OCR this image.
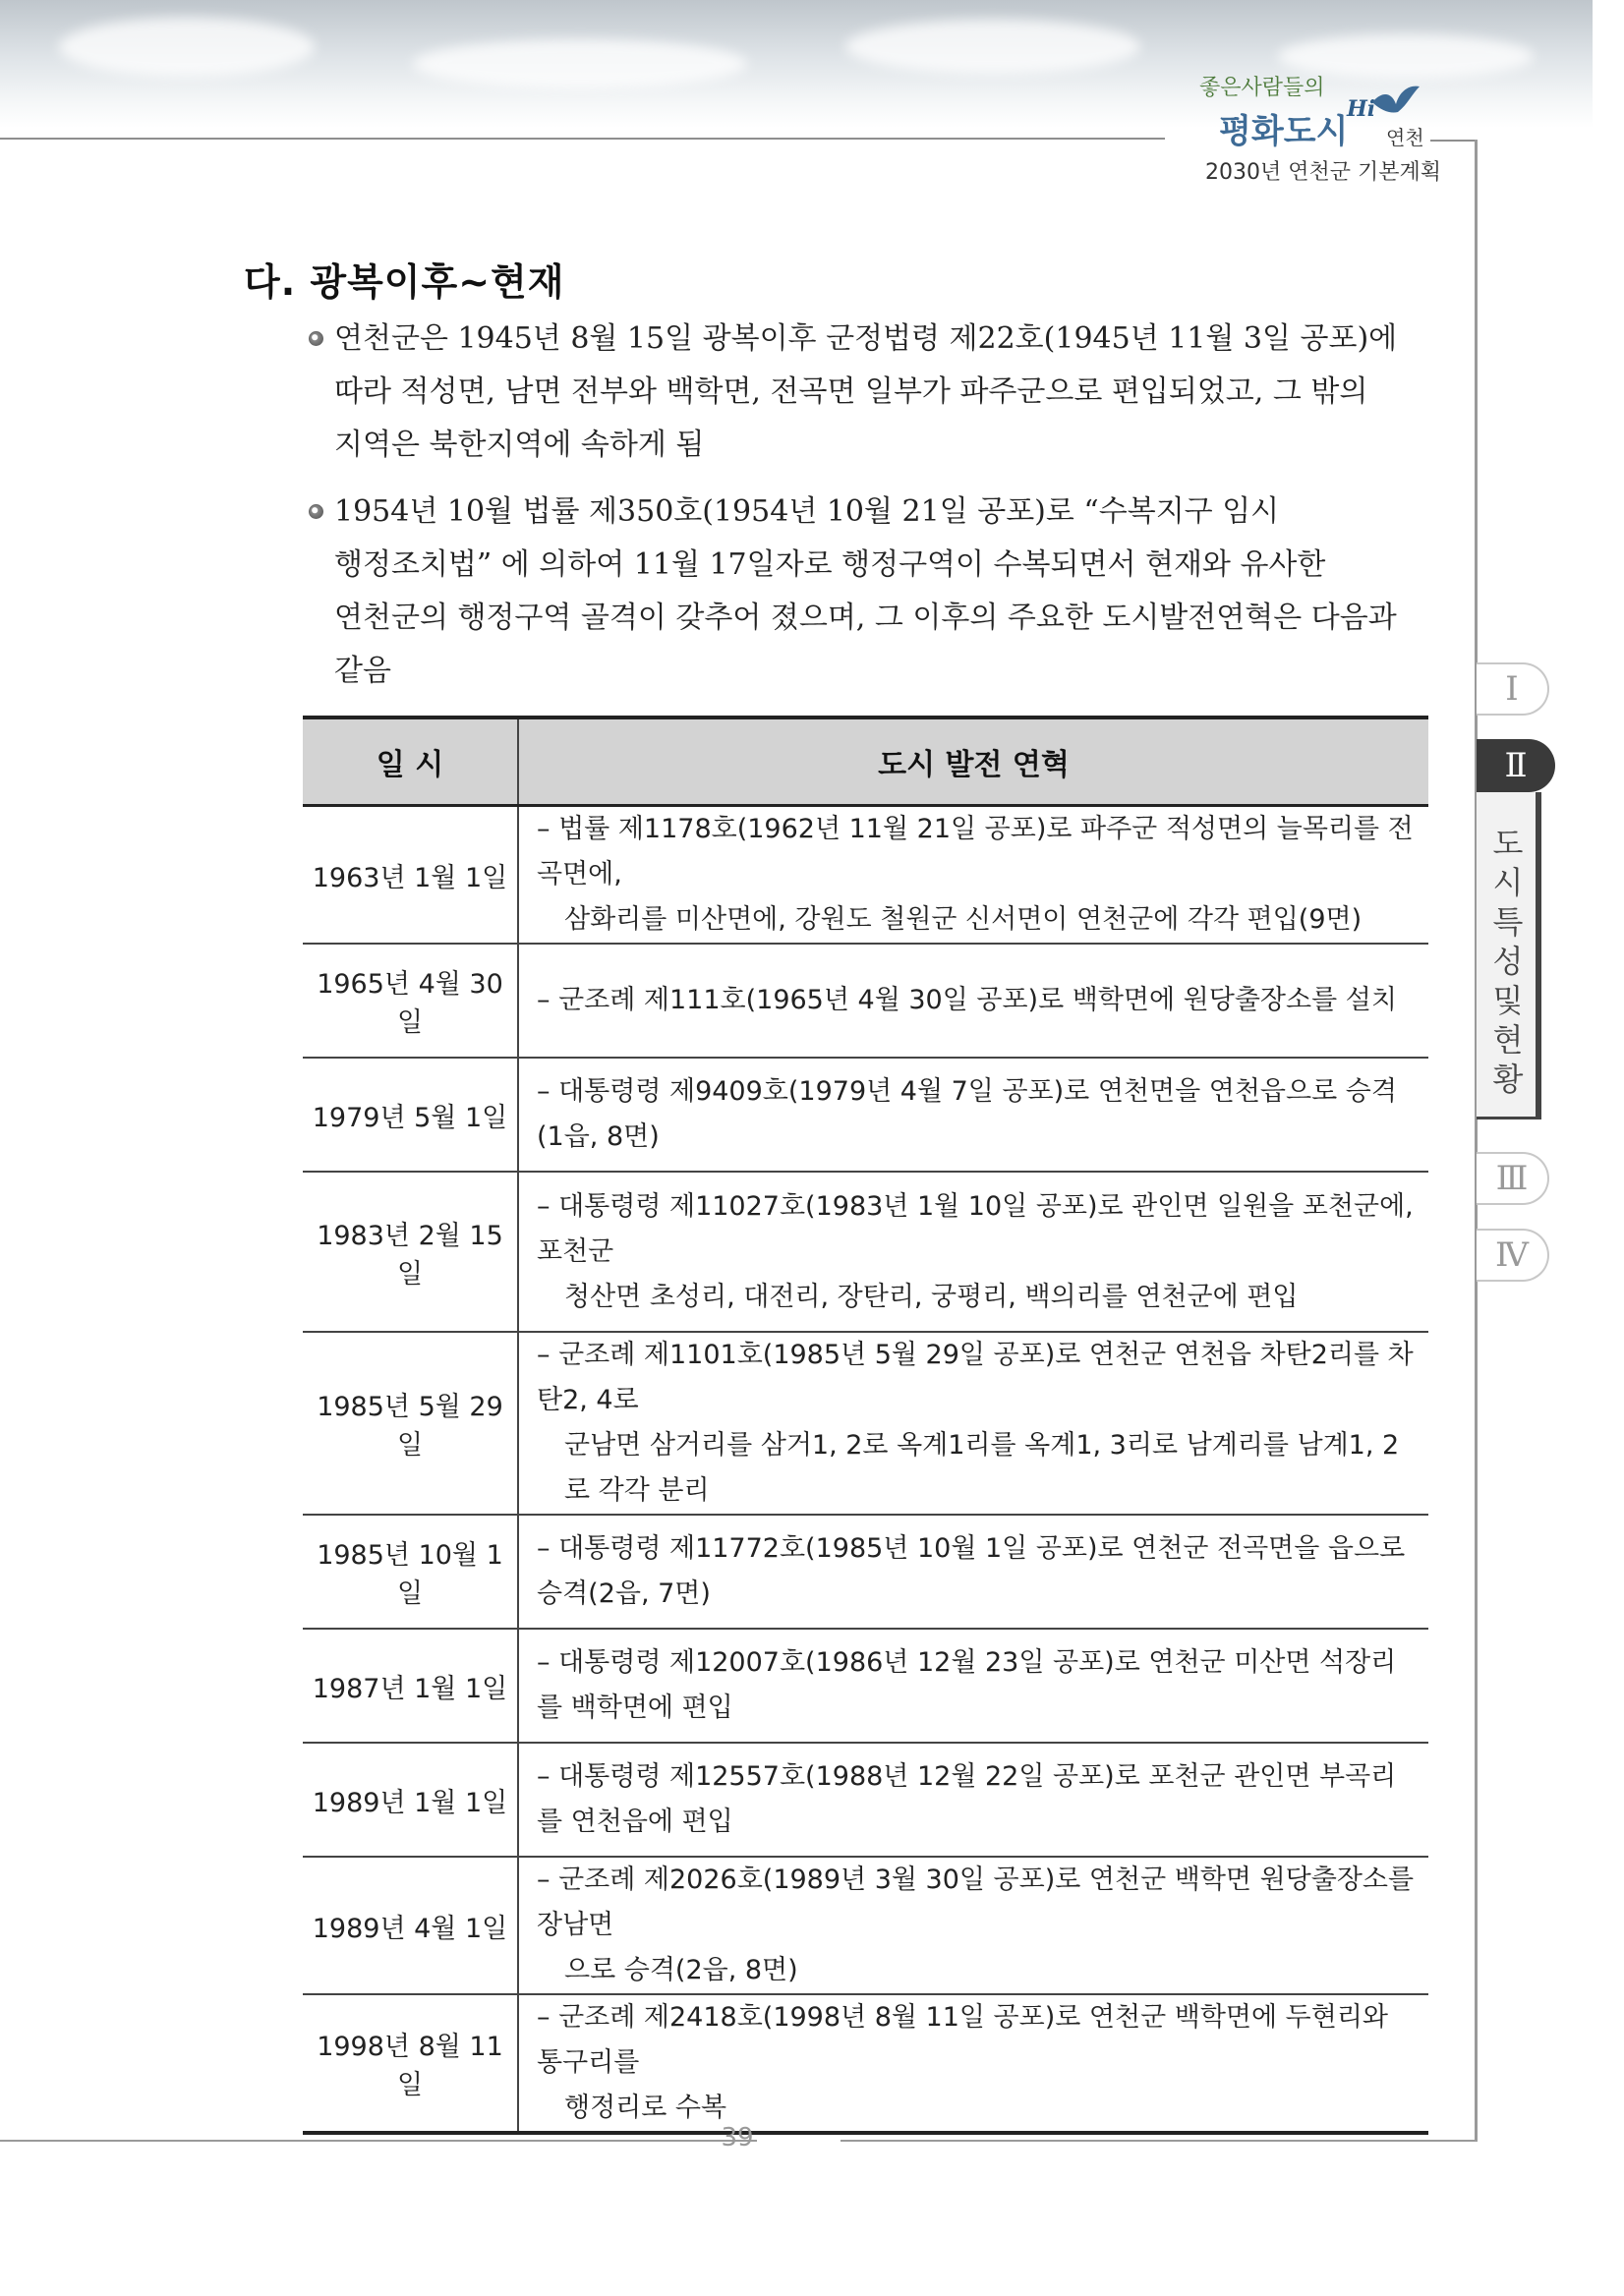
좋은사람들의
평화도시
Hi
연천
2030년 연천군 기본계획
다. 광복이후~현재

연천군은 1945년 8월 15일 광복이후 군정법령 제22호(1945년 11월 3일 공포)에

따라 적성면, 남면 전부와 백학면, 전곡면 일부가 파주군으로 편입되었고, 그 밖의

지역은 북한지역에 속하게 됨

1954년 10월 법률 제350호(1954년 10월 21일 공포)로 “수복지구 임시

행정조치법” 에 의하여 11월 17일자로 행정구역이 수복되면서 현재와 유사한

연천군의 행정구역 골격이 갖추어 졌으며, 그 이후의 주요한 도시발전연혁은 다음과

같음

일 시	도시 발전 연혁
1963년 1월 1일	– 법률 제1178호(1962년 11월 21일 공포)로 파주군 적성면의 늘목리를 전곡면에,
삼화리를 미산면에, 강원도 철원군 신서면이 연천군에 각각 편입(9면)

1965년 4월 30일	– 군조례 제111호(1965년 4월 30일 공포)로 백학면에 원당출장소를 설치

1979년 5월 1일	– 대통령령 제9409호(1979년 4월 7일 공포)로 연천면을 연천읍으로 승격(1읍, 8면)

1983년 2월 15일	– 대통령령 제11027호(1983년 1월 10일 공포)로 관인면 일원을 포천군에, 포천군
청산면 초성리, 대전리, 장탄리, 궁평리, 백의리를 연천군에 편입

1985년 5월 29일	– 군조례 제1101호(1985년 5월 29일 공포)로 연천군 연천읍 차탄2리를 차탄2, 4로
군남면 삼거리를 삼거1, 2로 옥계1리를 옥계1, 3리로 남계리를 남계1, 2로 각각 분리

1985년 10월 1일	– 대통령령 제11772호(1985년 10월 1일 공포)로 연천군 전곡면을 읍으로 승격(2읍, 7면)

1987년 1월 1일	– 대통령령 제12007호(1986년 12월 23일 공포)로 연천군 미산면 석장리를 백학면에 편입

1989년 1월 1일	– 대통령령 제12557호(1988년 12월 22일 공포)로 포천군 관인면 부곡리를 연천읍에 편입

1989년 4월 1일	– 군조례 제2026호(1989년 3월 30일 공포)로 연천군 백학면 원당출장소를 장남면
으로 승격(2읍, 8면)

1998년 8월 11일	– 군조례 제2418호(1998년 8월 11일 공포)로 연천군 백학면에 두현리와 통구리를
행정리로 수복
Ⅰ
Ⅱ
도시특성및현황
Ⅲ
Ⅳ
39
